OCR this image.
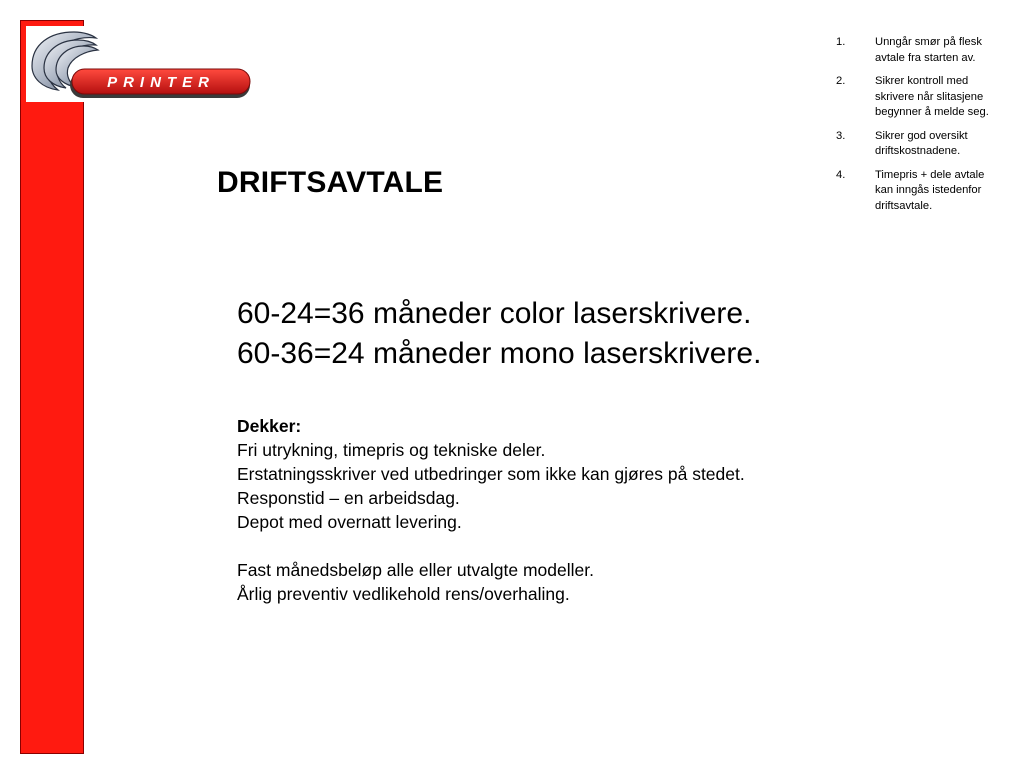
PRINTER
DRIFTSAVTALE
60-24=36 måneder color laserskrivere.
60-36=24 måneder mono laserskrivere.
Dekker:
Fri utrykning, timepris og tekniske deler.
Erstatningsskriver ved utbedringer som ikke kan gjøres på stedet.
Responstid – en arbeidsdag.
Depot med overnatt levering.
Fast månedsbeløp alle eller utvalgte modeller.
Årlig preventiv vedlikehold rens/overhaling.
1.	Unngår smør på flesk avtale fra starten av.
2.	Sikrer kontroll med skrivere når slitasjene begynner å melde seg.
3.	Sikrer god oversikt driftskostnadene.
4.	Timepris + dele avtale kan inngås istedenfor driftsavtale.
